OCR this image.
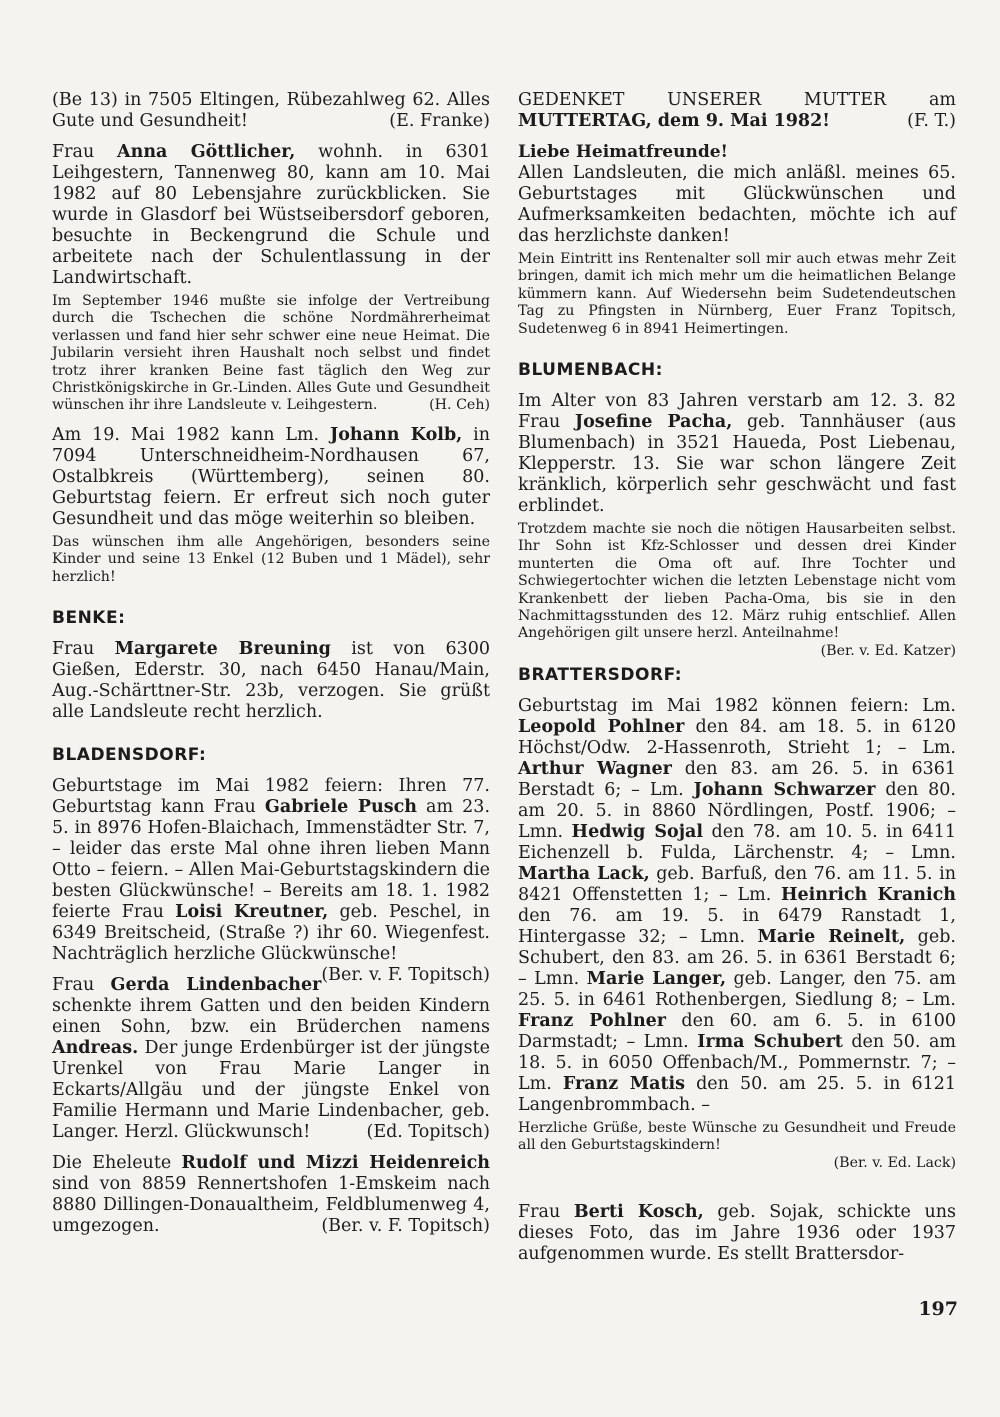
(Be 13) in 7505 Eltingen, Rübezahlweg 62. Alles Gute und Gesundheit!	(E. Franke)

Frau Anna Göttlicher, wohnh. in 6301 Leihgestern, Tannenweg 80, kann am 10. Mai 1982 auf 80 Lebensjahre zurückblicken. Sie wurde in Glasdorf bei Wüstseibersdorf geboren, besuchte in Beckengrund die Schule und arbeitete nach der Schulentlassung in der Landwirtschaft.

Im September 1946 mußte sie infolge der Vertreibung durch die Tschechen die schöne Nordmährerheimat verlassen und fand hier sehr schwer eine neue Heimat. Die Jubilarin versieht ihren Haushalt noch selbst und findet trotz ihrer kranken Beine fast täglich den Weg zur Christkönigskirche in Gr.-Linden. Alles Gute und Gesundheit wünschen ihr ihre Landsleute v. Leihgestern.	(H. Ceh)

Am 19. Mai 1982 kann Lm. Johann Kolb, in 7094 Unterschneidheim-Nordhausen 67, Ostalbkreis (Württemberg), seinen 80. Geburtstag feiern. Er erfreut sich noch guter Gesundheit und das möge weiterhin so bleiben.

Das wünschen ihm alle Angehörigen, besonders seine Kinder und seine 13 Enkel (12 Buben und 1 Mädel), sehr herzlich!

BENKE:

Frau Margarete Breuning ist von 6300 Gießen, Ederstr. 30, nach 6450 Hanau/Main, Aug.-Schärttner-Str. 23b, verzogen. Sie grüßt alle Landsleute recht herzlich.

BLADENSDORF:

Geburtstage im Mai 1982 feiern: Ihren 77. Geburtstag kann Frau Gabriele Pusch am 23. 5. in 8976 Hofen-Blaichach, Immenstädter Str. 7, – leider das erste Mal ohne ihren lieben Mann Otto – feiern. – Allen Mai-Geburtstagskindern die besten Glückwünsche! – Bereits am 18. 1. 1982 feierte Frau Loisi Kreutner, geb. Peschel, in 6349 Breitscheid, (Straße ?) ihr 60. Wiegenfest. Nachträglich herzliche Glückwünsche!
(Ber. v. F. Topitsch)

Frau Gerda Lindenbacher schenkte ihrem Gatten und den beiden Kindern einen Sohn, bzw. ein Brüderchen namens Andreas. Der junge Erdenbürger ist der jüngste Urenkel von Frau Marie Langer in Eckarts/Allgäu und der jüngste Enkel von Familie Hermann und Marie Lindenbacher, geb. Langer. Herzl. Glückwunsch!	(Ed. Topitsch)

Die Eheleute Rudolf und Mizzi Heidenreich sind von 8859 Rennertshofen 1-Emskeim nach 8880 Dillingen-Donaualtheim, Feldblumenweg 4, umgezogen.	(Ber. v. F. Topitsch)

GEDENKET UNSERER MUTTER am

MUTTERTAG, dem 9. Mai 1982!	(F. T.)

Liebe Heimatfreunde!

Allen Landsleuten, die mich anläßl. meines 65. Geburtstages mit Glückwünschen und Aufmerksamkeiten bedachten, möchte ich auf das herzlichste danken!

Mein Eintritt ins Rentenalter soll mir auch etwas mehr Zeit bringen, damit ich mich mehr um die heimatlichen Belange kümmern kann. Auf Wiedersehn beim Sudetendeutschen Tag zu Pfingsten in Nürnberg, Euer Franz Topitsch, Sudetenweg 6 in 8941 Heimertingen.

BLUMENBACH:

Im Alter von 83 Jahren verstarb am 12. 3. 82 Frau Josefine Pacha, geb. Tannhäuser (aus Blumenbach) in 3521 Haueda, Post Liebenau, Klepperstr. 13. Sie war schon längere Zeit kränklich, körperlich sehr geschwächt und fast erblindet.

Trotzdem machte sie noch die nötigen Hausarbeiten selbst. Ihr Sohn ist Kfz-Schlosser und dessen drei Kinder munterten die Oma oft auf. Ihre Tochter und Schwiegertochter wichen die letzten Lebenstage nicht vom Krankenbett der lieben Pacha-Oma, bis sie in den Nachmittagsstunden des 12. März ruhig entschlief. Allen Angehörigen gilt unsere herzl. Anteilnahme!
(Ber. v. Ed. Katzer)

BRATTERSDORF:

Geburtstag im Mai 1982 können feiern: Lm. Leopold Pohlner den 84. am 18. 5. in 6120 Höchst/Odw. 2-Hassenroth, Strieht 1; – Lm. Arthur Wagner den 83. am 26. 5. in 6361 Berstadt 6; – Lm. Johann Schwarzer den 80. am 20. 5. in 8860 Nördlingen, Postf. 1906; – Lmn. Hedwig Sojal den 78. am 10. 5. in 6411 Eichenzell b. Fulda, Lärchenstr. 4; – Lmn. Martha Lack, geb. Barfuß, den 76. am 11. 5. in 8421 Offenstetten 1; – Lm. Heinrich Kranich den 76. am 19. 5. in 6479 Ranstadt 1, Hintergasse 32; – Lmn. Marie Reinelt, geb. Schubert, den 83. am 26. 5. in 6361 Berstadt 6; – Lmn. Marie Langer, geb. Langer, den 75. am 25. 5. in 6461 Rothenbergen, Siedlung 8; – Lm. Franz Pohlner den 60. am 6. 5. in 6100 Darmstadt; – Lmn. Irma Schubert den 50. am 18. 5. in 6050 Offenbach/M., Pommernstr. 7; – Lm. Franz Matis den 50. am 25. 5. in 6121 Langenbrommbach. –

Herzliche Grüße, beste Wünsche zu Gesundheit und Freude all den Geburtstagskindern!

(Ber. v. Ed. Lack)

Frau Berti Kosch, geb. Sojak, schickte uns dieses Foto, das im Jahre 1936 oder 1937 aufgenommen wurde. Es stellt Brattersdor-

197
